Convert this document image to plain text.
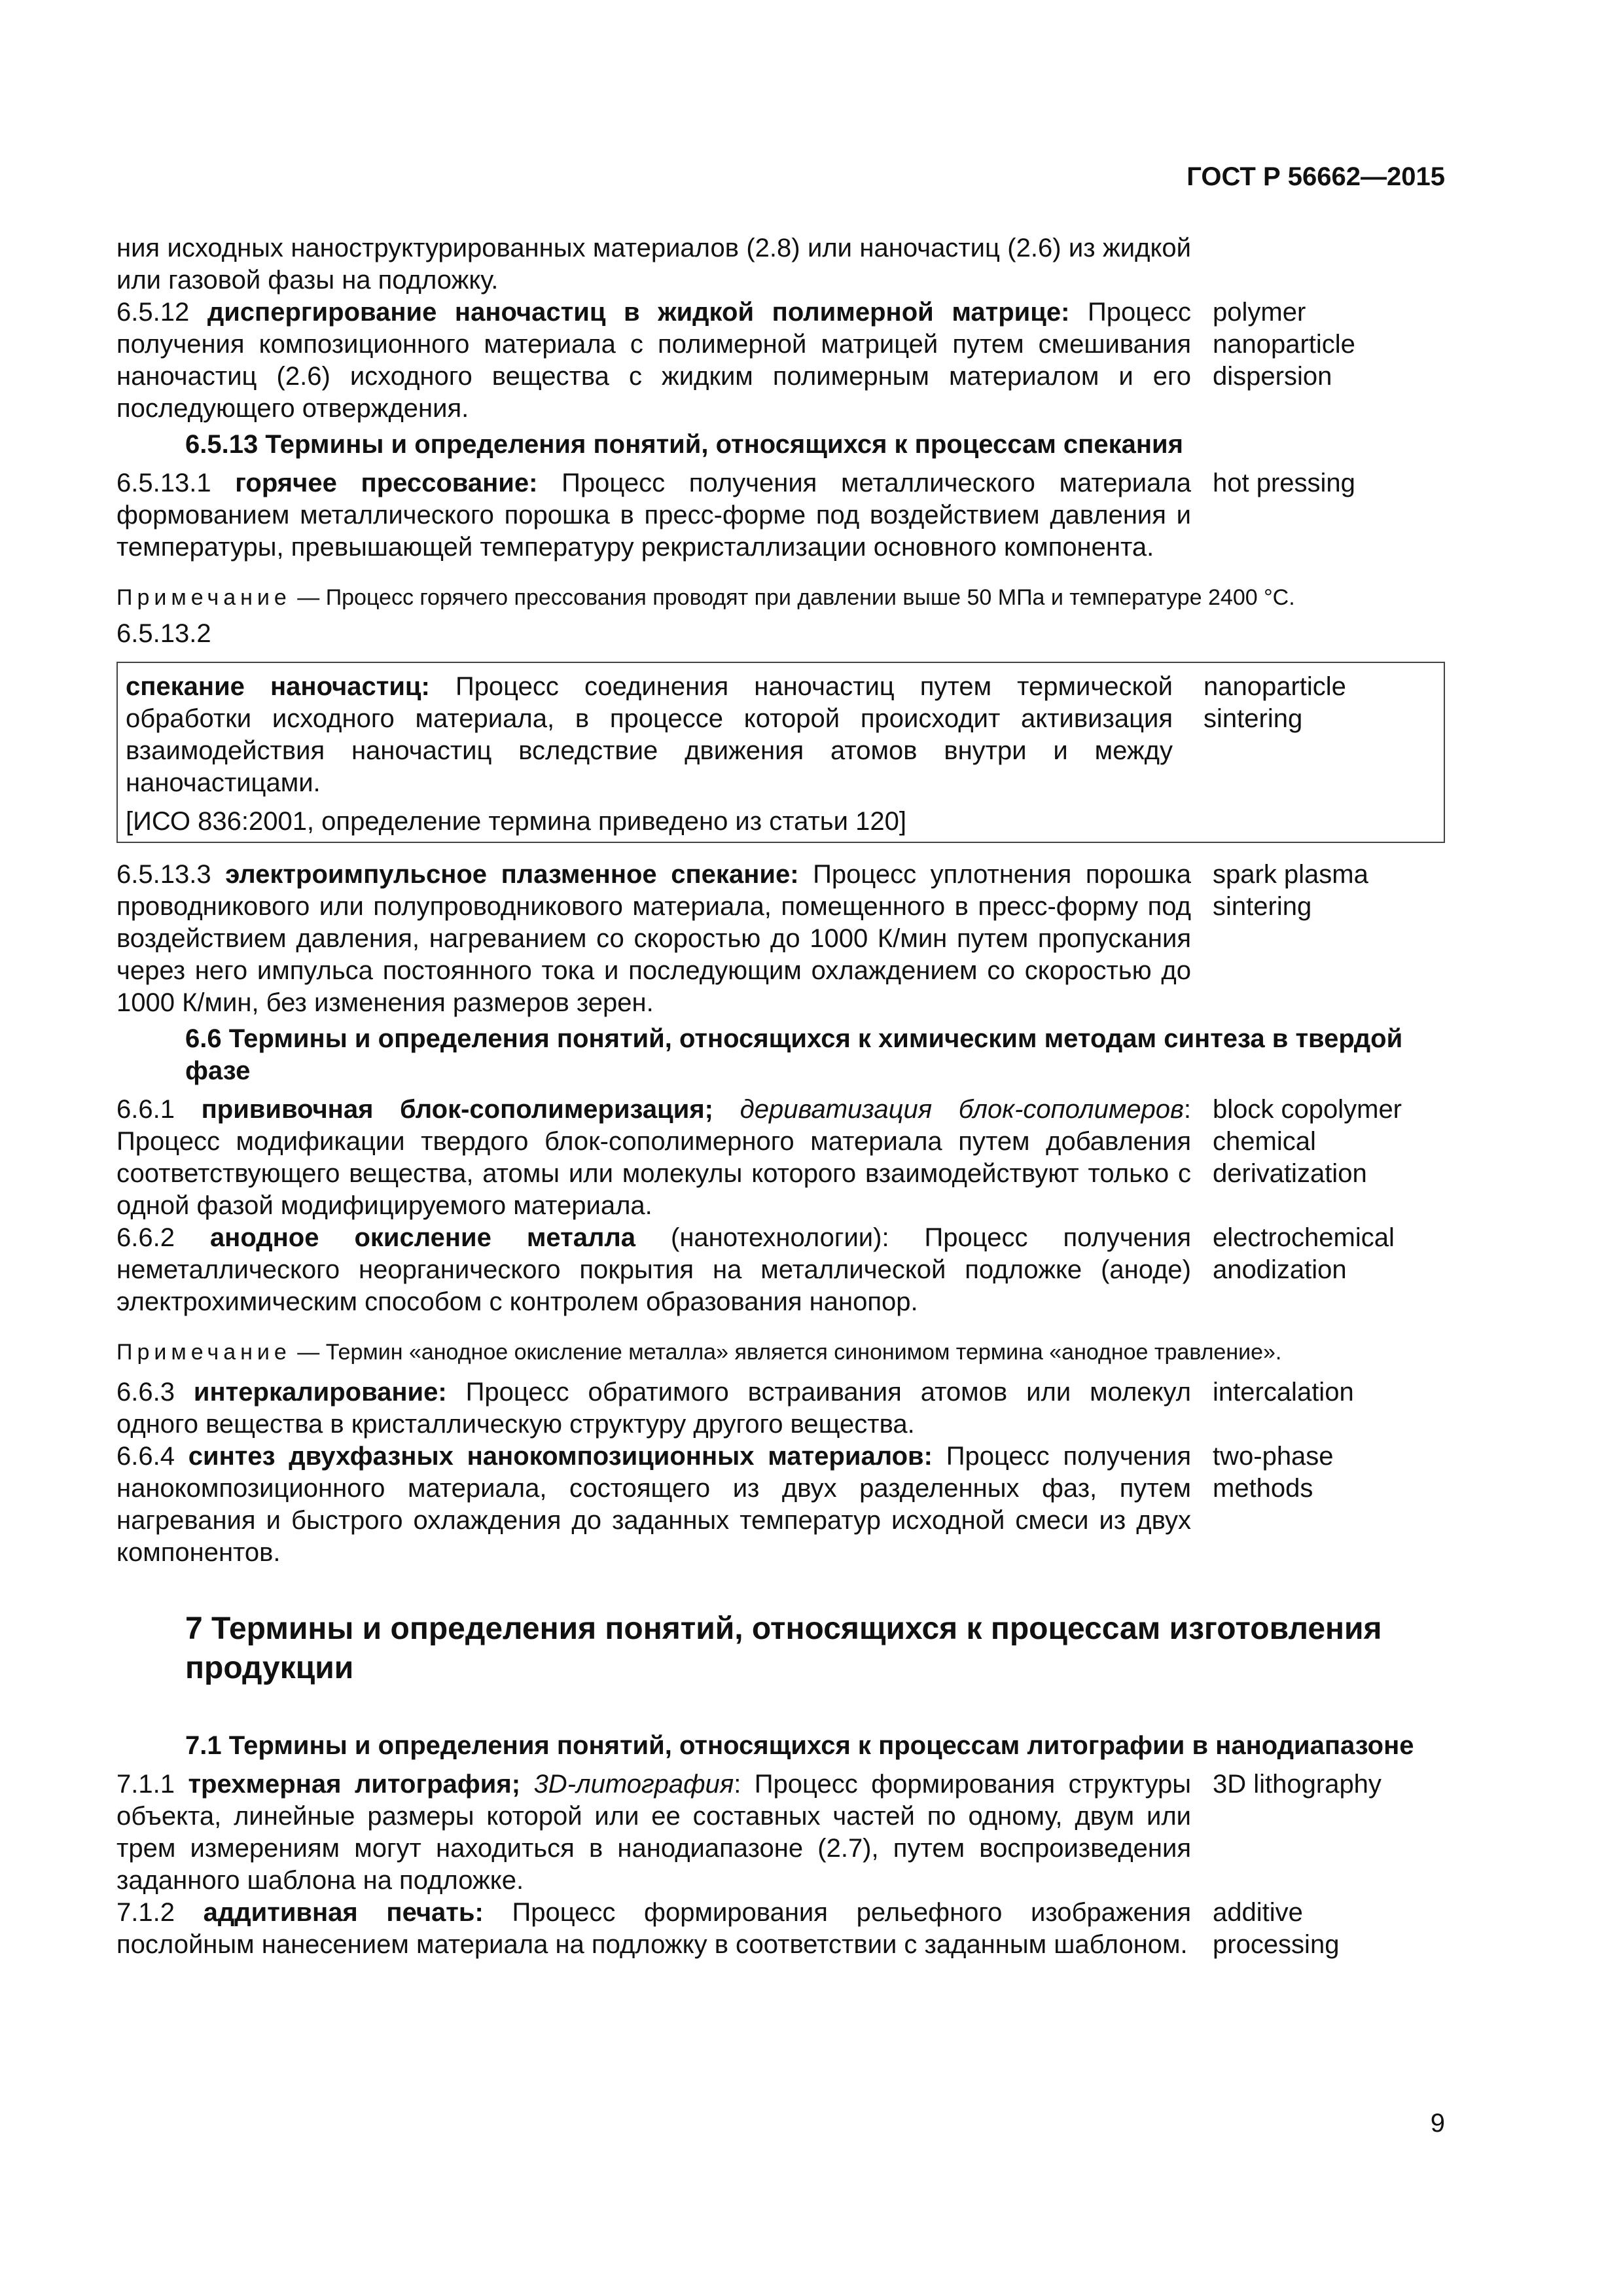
ГОСТ Р 56662—2015
ния исходных наноструктурированных материалов (2.8) или наночастиц (2.6) из жидкой или газовой фазы на подложку.
6.5.12 диспергирование наночастиц в жидкой полимерной матрице: Процесс получения композиционного материала с полимерной матрицей путем смешивания наночастиц (2.6) исходного вещества с жидким полимерным материалом и его последующего отверждения.
polymer
nanoparticle
dispersion
6.5.13 Термины и определения понятий, относящихся к процессам спекания
6.5.13.1 горячее прессование: Процесс получения металлического материала формованием металлического порошка в пресс-форме под воздействием давления и температуры, превышающей температуру рекристаллизации основного компонента.
hot pressing
Примечание — Процесс горячего прессования проводят при давлении выше 50 МПа и температуре 2400 °С.
6.5.13.2
спекание наночастиц: Процесс соединения наночастиц путем термической обработки исходного материала, в процессе которой происходит активизация взаимодействия наночастиц вследствие движения атомов внутри и между наночастицами.
nanoparticle
sintering
[ИСО 836:2001, определение термина приведено из статьи 120]
6.5.13.3 электроимпульсное плазменное спекание: Процесс уплотнения порошка проводникового или полупроводникового материала, помещенного в пресс-форму под воздействием давления, нагреванием со скоростью до 1000 К/мин путем пропускания через него импульса постоянного тока и последующим охлаждением со скоростью до 1000 К/мин, без изменения размеров зерен.
spark plasma
sintering
6.6 Термины и определения понятий, относящихся к химическим методам синтеза в твердой фазе
6.6.1 прививочная блок-сополимеризация; дериватизация блок-сополимеров: Процесс модификации твердого блок-сополимерного материала путем добавления соответствующего вещества, атомы или молекулы которого взаимодействуют только с одной фазой модифицируемого материала.
block copolymer
chemical
derivatization
6.6.2 анодное окисление металла (нанотехнологии): Процесс получения неметаллического неорганического покрытия на металлической подложке (аноде) электрохимическим способом с контролем образования нанопор.
electrochemical
anodization
Примечание — Термин «анодное окисление металла» является синонимом термина «анодное травление».
6.6.3 интеркалирование: Процесс обратимого встраивания атомов или молекул одного вещества в кристаллическую структуру другого вещества.
intercalation
6.6.4 синтез двухфазных нанокомпозиционных материалов: Процесс получения нанокомпозиционного материала, состоящего из двух разделенных фаз, путем нагревания и быстрого охлаждения до заданных температур исходной смеси из двух компонентов.
two-phase
methods
7 Термины и определения понятий, относящихся к процессам изготовления продукции
7.1 Термины и определения понятий, относящихся к процессам литографии в нанодиапазоне
7.1.1 трехмерная литография; 3D-литография: Процесс формирования структуры объекта, линейные размеры которой или ее составных частей по одному, двум или трем измерениям могут находиться в нанодиапазоне (2.7), путем воспроизведения заданного шаблона на подложке.
3D lithography
7.1.2 аддитивная печать: Процесс формирования рельефного изображения послойным нанесением материала на подложку в соответствии с заданным шаблоном.
additive
processing
9
